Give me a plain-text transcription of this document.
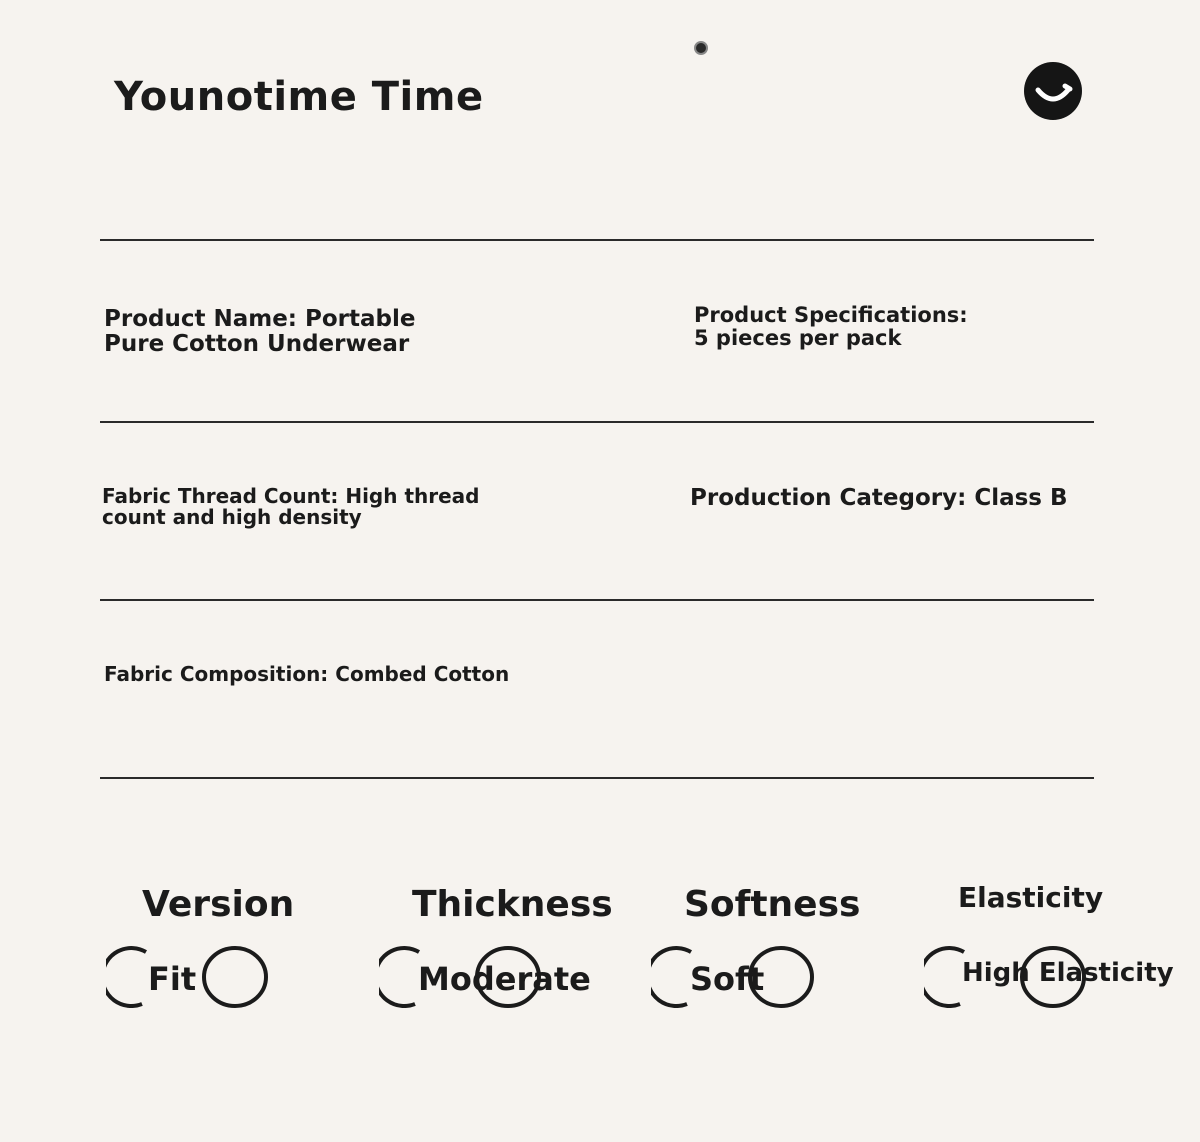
Younotime Time
Product Name: Portable
Pure Cotton Underwear
Product Specifications:
5 pieces per pack
Fabric Thread Count: High thread
count and high density
Production Category: Class B
Fabric Composition: Combed Cotton
Version
Fit
Thickness
Moderate
Softness
Soft
Elasticity
High Elasticity
